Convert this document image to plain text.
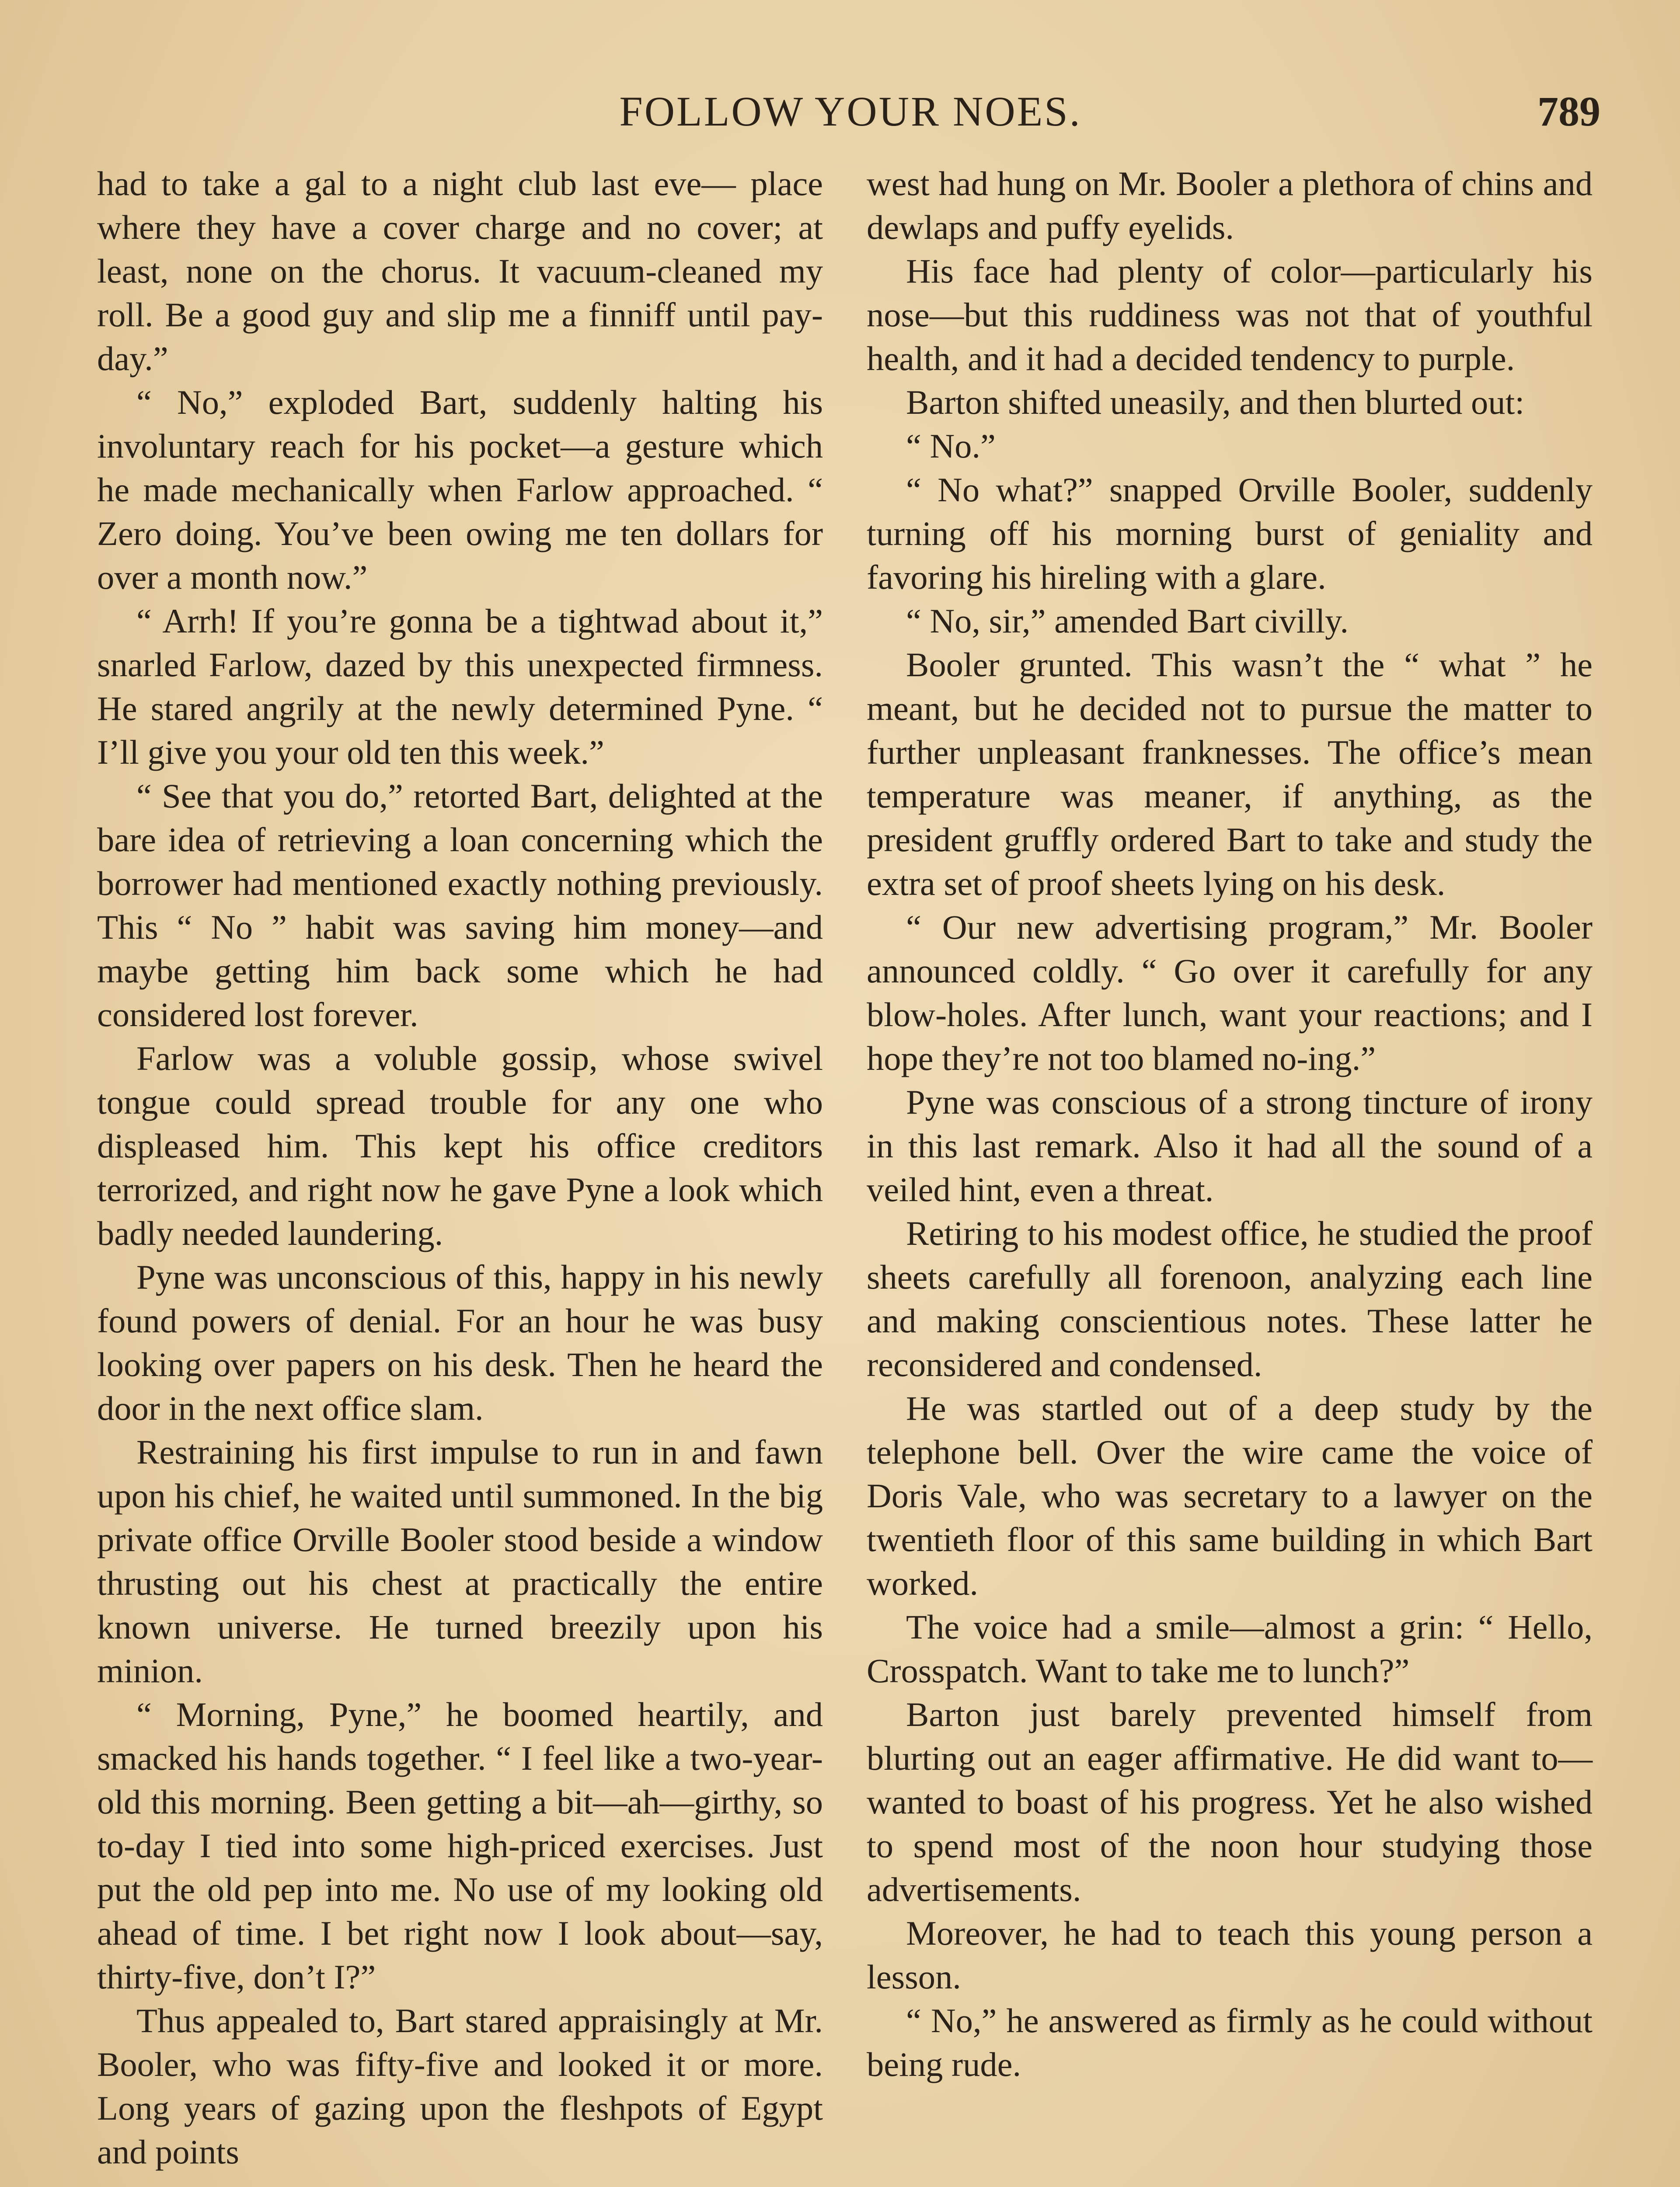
FOLLOW YOUR NOES.	789

had to take a gal to a night club last eve— place where they have a cover charge and no cover; at least, none on the chorus. It vacuum-cleaned my roll. Be a good guy and slip me a finniff until pay-day.”

“ No,” exploded Bart, suddenly halting his involuntary reach for his pocket—a gesture which he made mechanically when Farlow approached. “ Zero doing. You’ve been owing me ten dollars for over a month now.”

“ Arrh! If you’re gonna be a tightwad about it,” snarled Farlow, dazed by this unexpected firmness. He stared angrily at the newly determined Pyne. “ I’ll give you your old ten this week.”

“ See that you do,” retorted Bart, delighted at the bare idea of retrieving a loan concerning which the borrower had mentioned exactly nothing previously. This “ No ” habit was saving him money—and maybe getting him back some which he had considered lost forever.

Farlow was a voluble gossip, whose swivel tongue could spread trouble for any one who displeased him. This kept his office creditors terrorized, and right now he gave Pyne a look which badly needed laundering.

Pyne was unconscious of this, happy in his newly found powers of denial. For an hour he was busy looking over papers on his desk. Then he heard the door in the next office slam.

Restraining his first impulse to run in and fawn upon his chief, he waited until summoned. In the big private office Orville Booler stood beside a window thrusting out his chest at practically the entire known universe. He turned breezily upon his minion.

“ Morning, Pyne,” he boomed heartily, and smacked his hands together. “ I feel like a two-year-old this morning. Been getting a bit—ah—girthy, so to-day I tied into some high-priced exercises. Just put the old pep into me. No use of my looking old ahead of time. I bet right now I look about—say, thirty-five, don’t I?”

Thus appealed to, Bart stared appraisingly at Mr. Booler, who was fifty-five and looked it or more. Long years of gazing upon the fleshpots of Egypt and points

west had hung on Mr. Booler a plethora of chins and dewlaps and puffy eyelids.

His face had plenty of color—particularly his nose—but this ruddiness was not that of youthful health, and it had a decided tendency to purple.

Barton shifted uneasily, and then blurted out:

“ No.”

“ No what?” snapped Orville Booler, suddenly turning off his morning burst of geniality and favoring his hireling with a glare.

“ No, sir,” amended Bart civilly.

Booler grunted. This wasn’t the “ what ” he meant, but he decided not to pursue the matter to further unpleasant franknesses. The office’s mean temperature was meaner, if anything, as the president gruffly ordered Bart to take and study the extra set of proof sheets lying on his desk.

“ Our new advertising program,” Mr. Booler announced coldly. “ Go over it carefully for any blow-holes. After lunch, want your reactions; and I hope they’re not too blamed no-ing.”

Pyne was conscious of a strong tincture of irony in this last remark. Also it had all the sound of a veiled hint, even a threat.

Retiring to his modest office, he studied the proof sheets carefully all forenoon, analyzing each line and making conscientious notes. These latter he reconsidered and condensed.

He was startled out of a deep study by the telephone bell. Over the wire came the voice of Doris Vale, who was secretary to a lawyer on the twentieth floor of this same building in which Bart worked.

The voice had a smile—almost a grin: “ Hello, Crosspatch. Want to take me to lunch?”

Barton just barely prevented himself from blurting out an eager affirmative. He did want to—wanted to boast of his progress. Yet he also wished to spend most of the noon hour studying those advertisements.

Moreover, he had to teach this young person a lesson.

“ No,” he answered as firmly as he could without being rude.
